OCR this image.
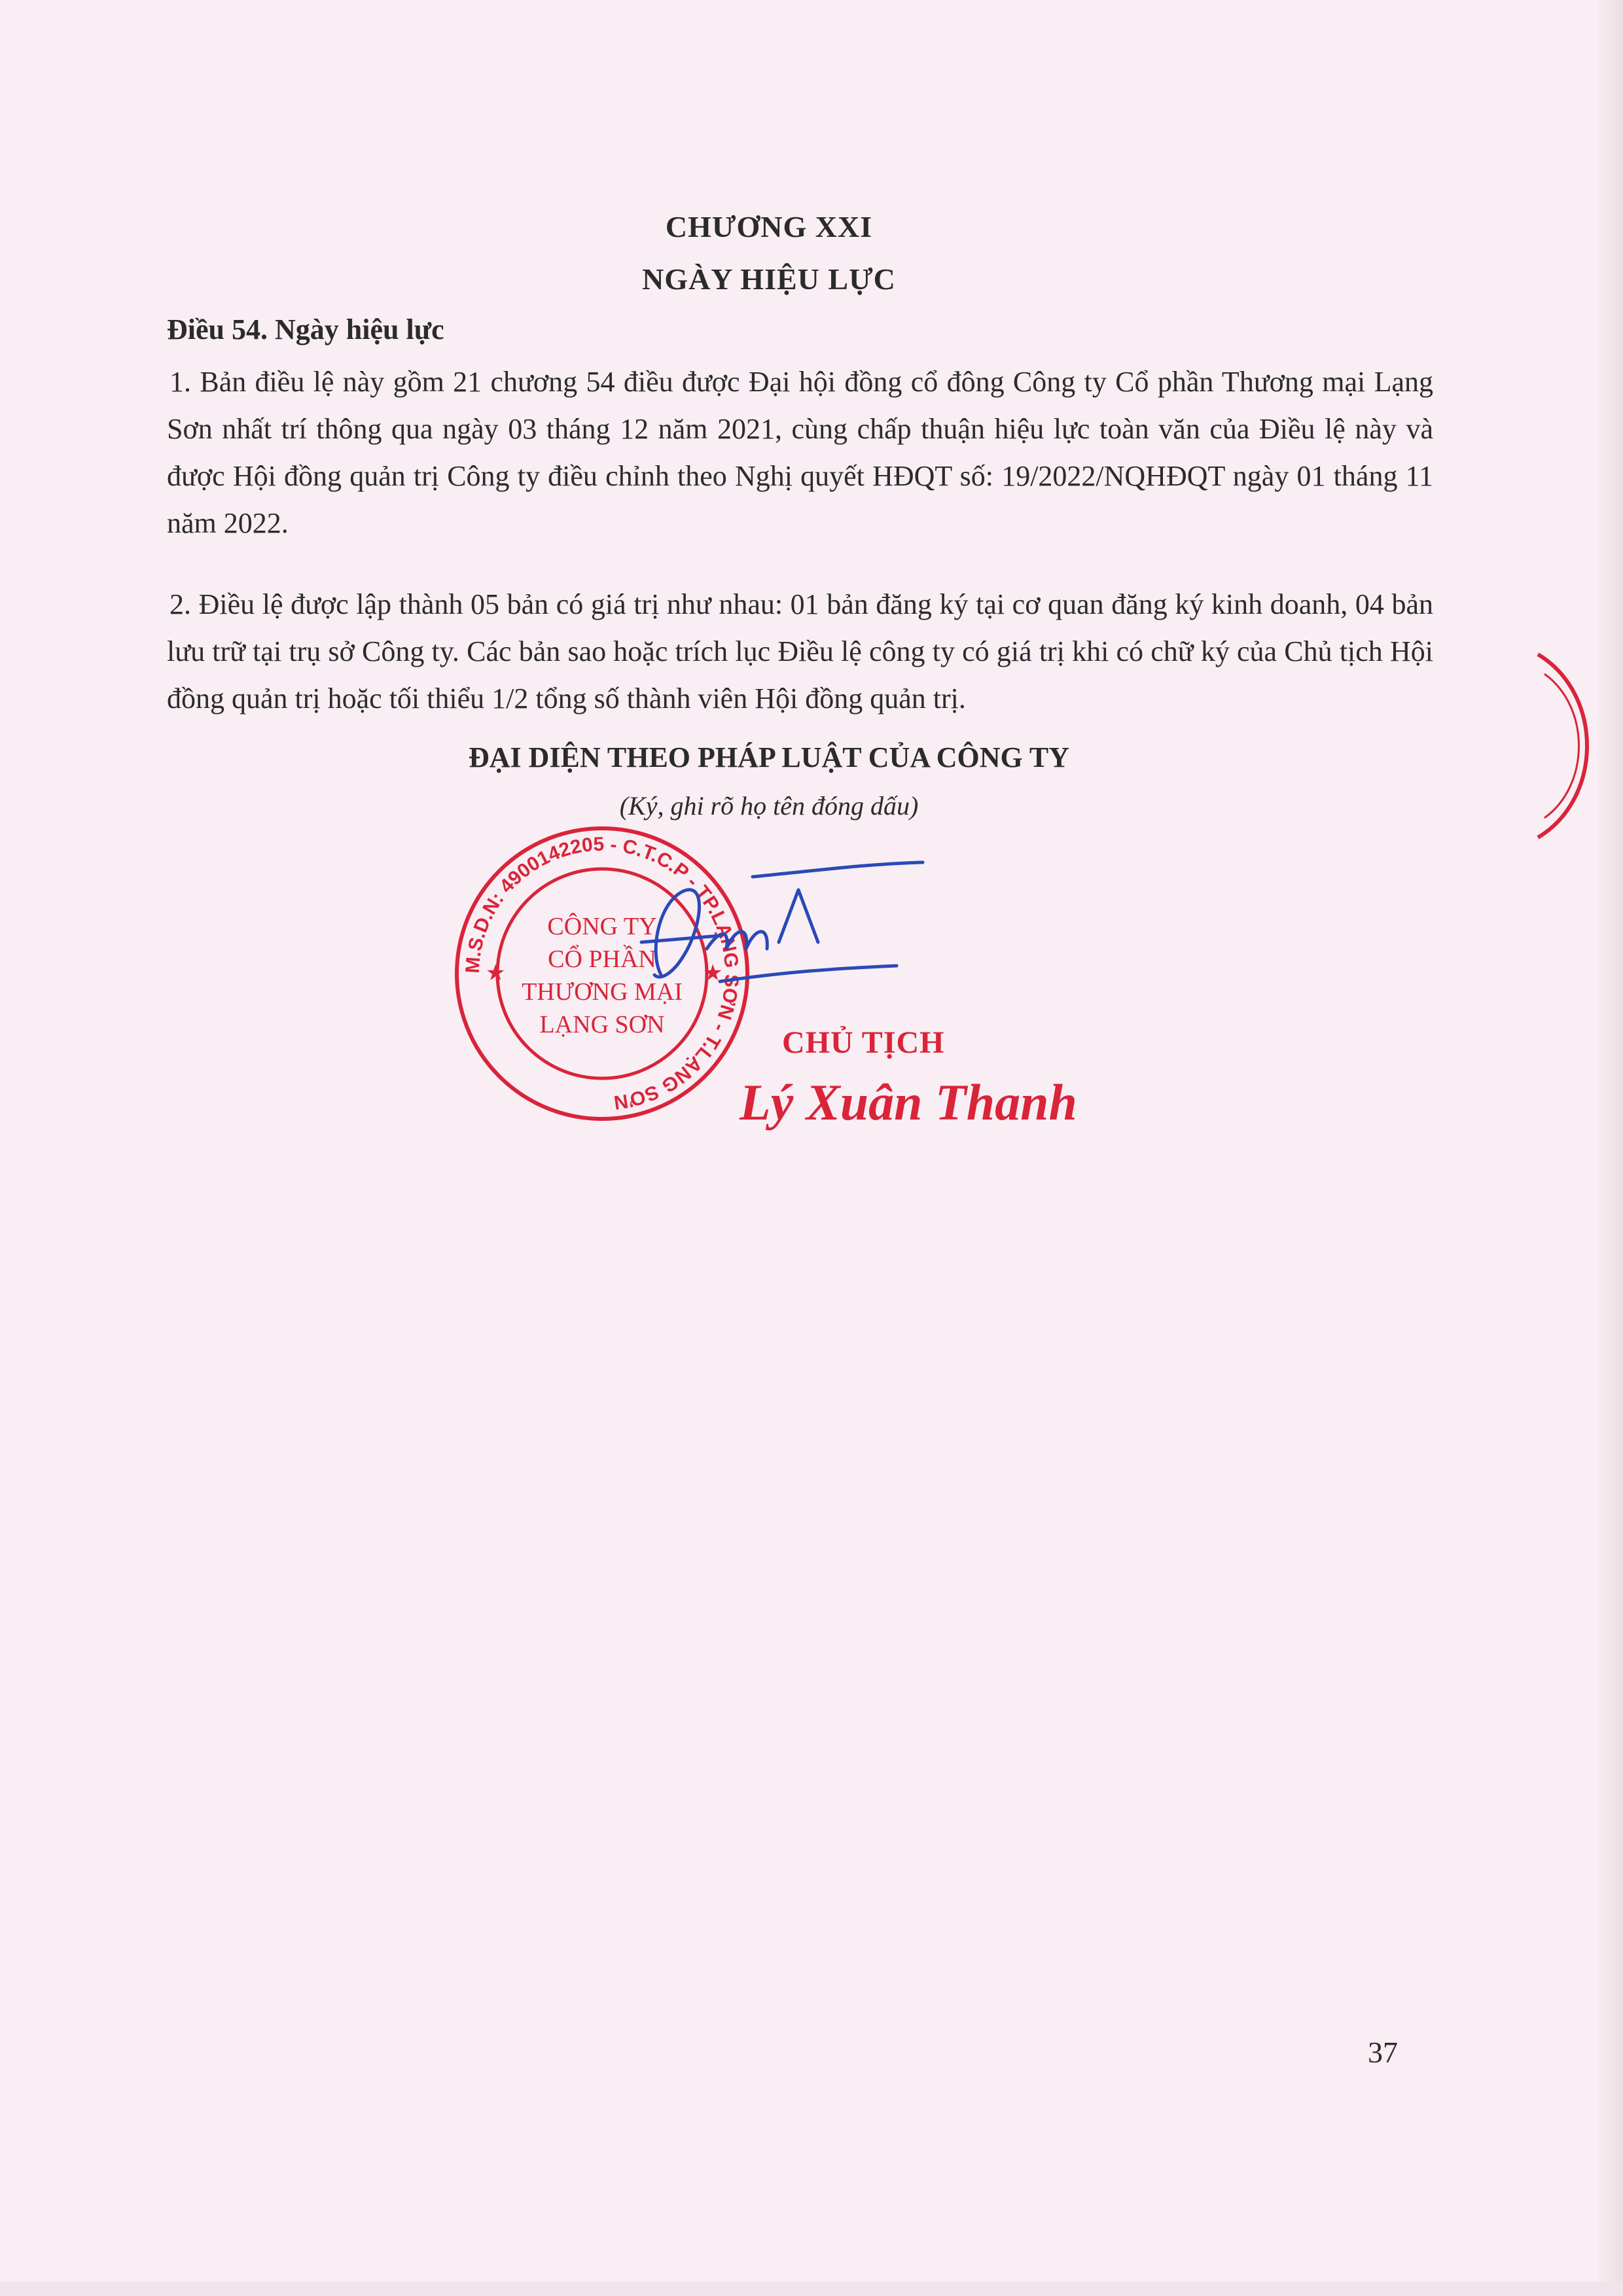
CHƯƠNG XXI
NGÀY HIỆU LỰC
Điều 54. Ngày hiệu lực
1. Bản điều lệ này gồm 21 chương 54 điều được Đại hội đồng cổ đông Công ty Cổ phần Thương mại Lạng Sơn nhất trí thông qua ngày 03 tháng 12 năm 2021, cùng chấp thuận hiệu lực toàn văn của Điều lệ này và được Hội đồng quản trị Công ty điều chỉnh theo Nghị quyết HĐQT số: 19/2022/NQHĐQT ngày 01 tháng 11 năm 2022.
2. Điều lệ được lập thành 05 bản có giá trị như nhau: 01 bản đăng ký tại cơ quan đăng ký kinh doanh, 04 bản lưu trữ tại trụ sở Công ty. Các bản sao hoặc trích lục Điều lệ công ty có giá trị khi có chữ ký của Chủ tịch Hội đồng quản trị hoặc tối thiểu 1/2 tổng số thành viên Hội đồng quản trị.
ĐẠI DIỆN THEO PHÁP LUẬT CỦA CÔNG TY
(Ký, ghi rõ họ tên đóng dấu)
M.S.D.N: 4900142205 - C.T.C.P - TP.LẠNG SƠN - T.LẠNG SƠN
★	★
CÔNG TY
CỔ PHẦN
THƯƠNG MẠI
LẠNG SƠN
CHỦ TỊCH
Lý Xuân Thanh
37
